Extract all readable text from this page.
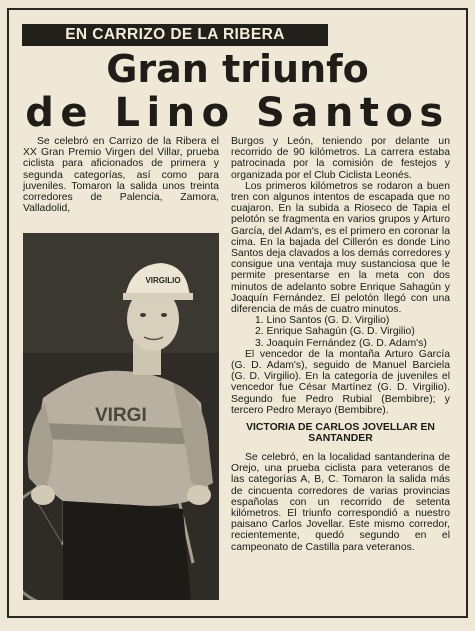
EN CARRIZO DE LA RIBERA
Gran triunfo
de Lino Santos

Se celebró en Carrizo de la Ribera el XX Gran Premio Virgen del Villar, prueba ciclista para aficionados de primera y segunda categorías, así como para juveniles. Tomaron la salida unos treinta corredores de Palencia, Zamora, Valladolid,

VIRGILIO
VIRGI

Burgos y León, teniendo por delante un recorrido de 90 kilómetros. La carrera estaba patrocinada por la comisión de festejos y organizada por el Club Ciclista Leonés.

Los primeros kilómetros se rodaron a buen tren con algunos intentos de escapada que no cuajaron. En la subida a Rioseco de Tapia el pelotón se fragmenta en varios grupos y Arturo García, del Adam's, es el primero en coronar la cima. En la bajada del Cillerón es donde Lino Santos deja clavados a los demás corredores y consigue una ventaja muy sustanciosa que le permite presentarse en la meta con dos minutos de adelanto sobre Enrique Sahagún y Joaquín Fernández. El pelotón llegó con una diferencia de más de cuatro minutos.

1. Lino Santos (G. D. Virgilio)
2. Enrique Sahagún (G. D. Virgilio)
3. Joaquín Fernández (G. D. Adam's)

El vencedor de la montaña Arturo García (G. D. Adam's), seguido de Manuel Barciela (G. D. Virgilio). En la categoría de juveniles el vencedor fue César Martínez (G. D. Virgilio). Segundo fue Pedro Rubial (Bembibre); y tercero Pedro Merayo (Bembibre).

VICTORIA DE CARLOS JOVELLAR EN SANTANDER

Se celebró, en la localidad santanderina de Orejo, una prueba ciclista para veteranos de las categorías A, B, C. Tomaron la salida más de cincuenta corredores de varias provincias españolas con un recorrido de setenta kilómetros. El triunfo correspondió a nuestro paisano Carlos Jovellar. Este mismo corredor, recientemente, quedó segundo en el campeonato de Castilla para veteranos.
